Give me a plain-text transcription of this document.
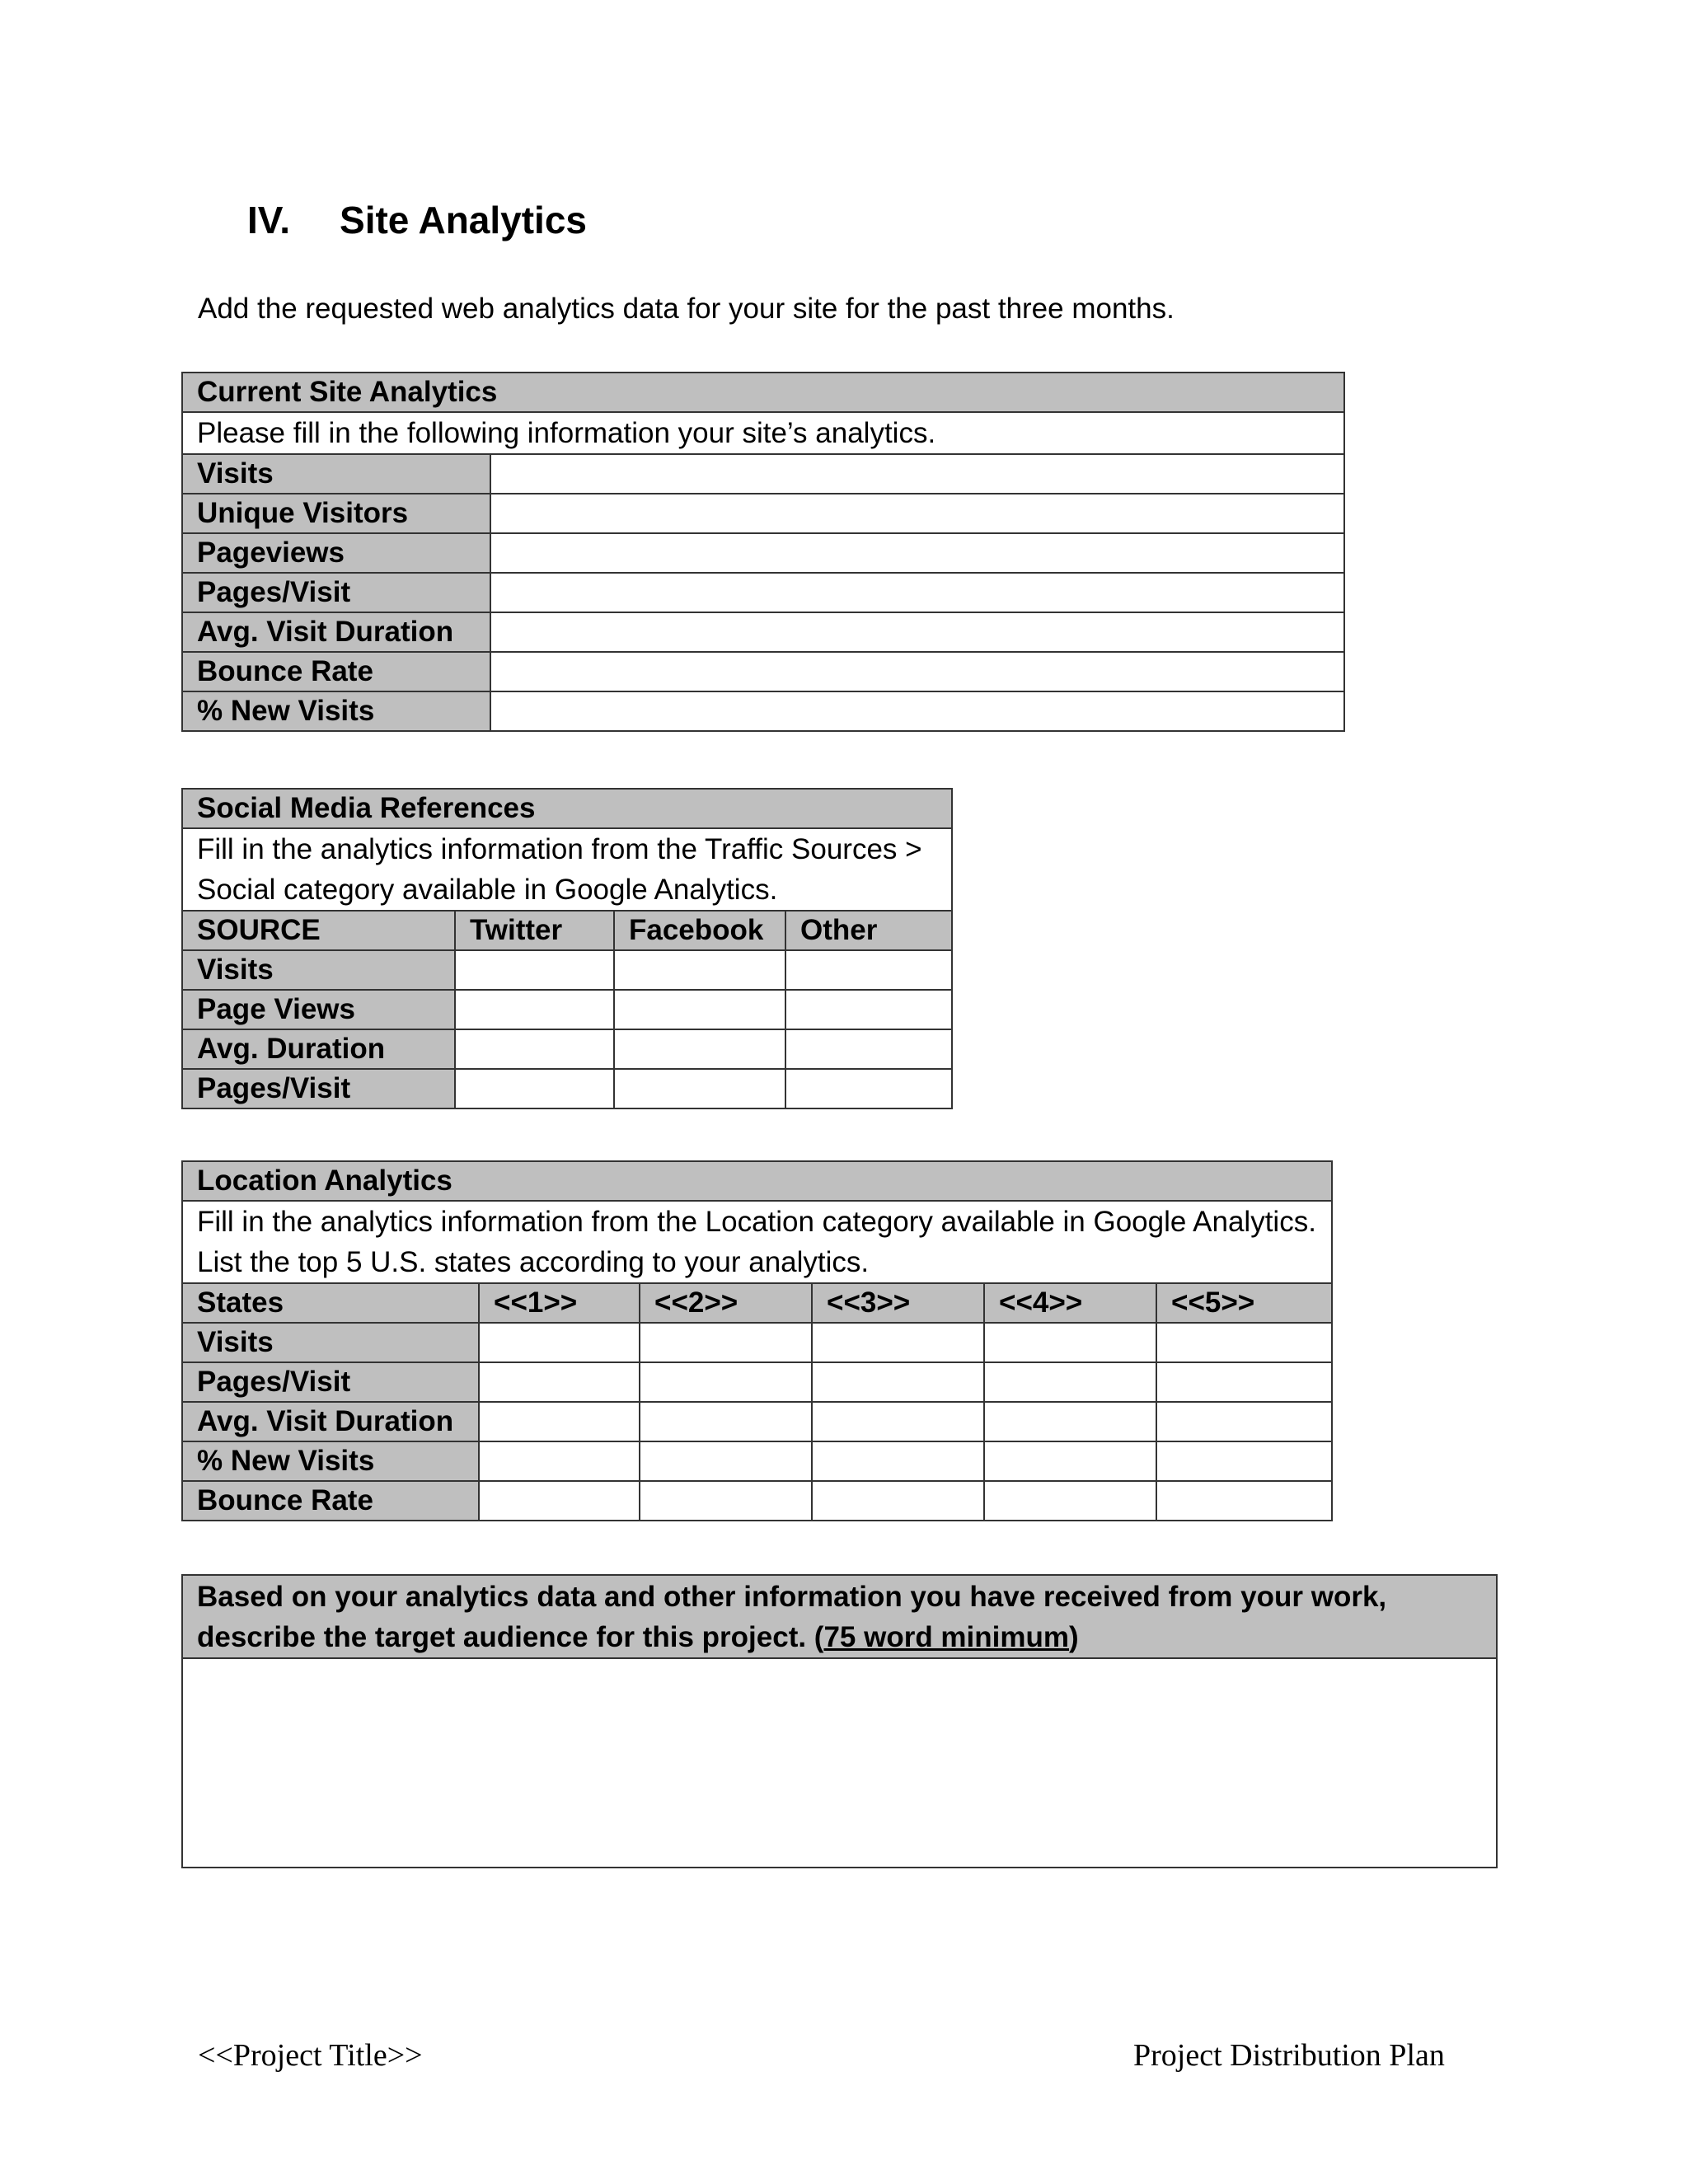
IV. Site Analytics
Add the requested web analytics data for your site for the past three months.
Current Site Analytics	
Please fill in the following information your site’s analytics.	
Visits	
Unique Visitors	
Pageviews	
Pages/Visit	
Avg. Visit Duration	
Bounce Rate	
% New Visits	
Social Media References			
Fill in the analytics information from the Traffic Sources > Social category available in Google Analytics.			
SOURCE	Twitter	Facebook	Other
Visits			
Page Views			
Avg. Duration			
Pages/Visit			
Location Analytics					
Fill in the analytics information from the Location category available in Google Analytics. List the top 5 U.S. states according to your analytics.					
States	<<1>>	<<2>>	<<3>>	<<4>>	<<5>>
Visits					
Pages/Visit					
Avg. Visit Duration					
% New Visits					
Bounce Rate					
Based on your analytics data and other information you have received from your work, describe the target audience for this project. (75 word minimum)

<<Project Title>>	Project Distribution Plan
